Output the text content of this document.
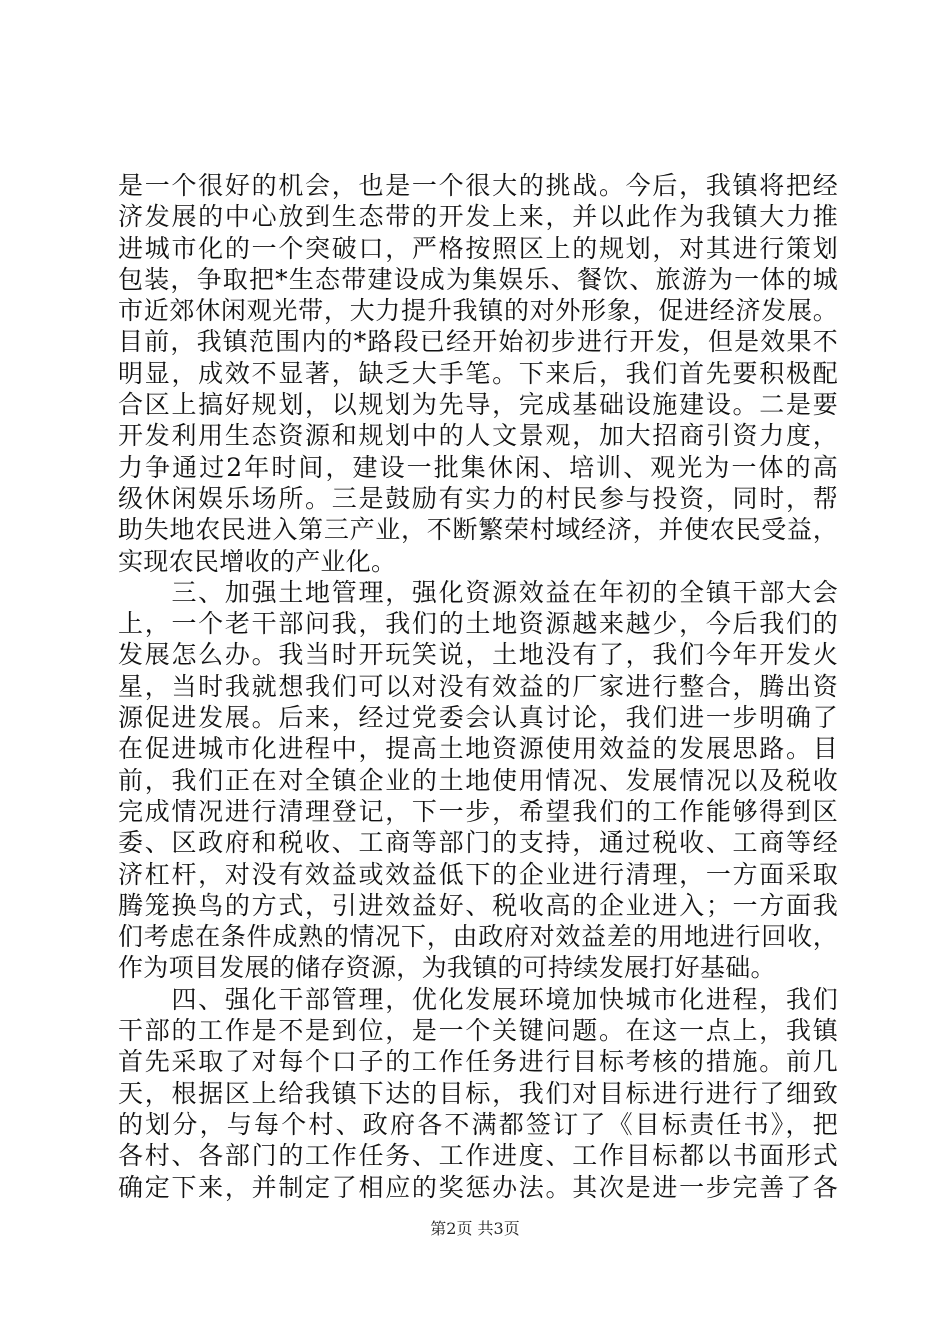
是一个很好的机会，也是一个很大的挑战。今后，我镇将把经
济发展的中心放到生态带的开发上来，并以此作为我镇大力推
进城市化的一个突破口，严格按照区上的规划，对其进行策划
包装，争取把*生态带建设成为集娱乐、餐饮、旅游为一体的城
市近郊休闲观光带，大力提升我镇的对外形象，促进经济发展。
目前，我镇范围内的*路段已经开始初步进行开发，但是效果不
明显，成效不显著，缺乏大手笔。下来后，我们首先要积极配
合区上搞好规划，以规划为先导，完成基础设施建设。二是要
开发利用生态资源和规划中的人文景观，加大招商引资力度，
力争通过2年时间，建设一批集休闲、培训、观光为一体的高
级休闲娱乐场所。三是鼓励有实力的村民参与投资，同时，帮
助失地农民进入第三产业，不断繁荣村域经济，并使农民受益，
实现农民增收的产业化。
　　三、加强土地管理，强化资源效益在年初的全镇干部大会
上，一个老干部问我，我们的土地资源越来越少，今后我们的
发展怎么办。我当时开玩笑说，土地没有了，我们今年开发火
星，当时我就想我们可以对没有效益的厂家进行整合，腾出资
源促进发展。后来，经过党委会认真讨论，我们进一步明确了
在促进城市化进程中，提高土地资源使用效益的发展思路。目
前，我们正在对全镇企业的土地使用情况、发展情况以及税收
完成情况进行清理登记，下一步，希望我们的工作能够得到区
委、区政府和税收、工商等部门的支持，通过税收、工商等经
济杠杆，对没有效益或效益低下的企业进行清理，一方面采取
腾笼换鸟的方式，引进效益好、税收高的企业进入；一方面我
们考虑在条件成熟的情况下，由政府对效益差的用地进行回收，
作为项目发展的储存资源，为我镇的可持续发展打好基础。
　　四、强化干部管理，优化发展环境加快城市化进程，我们
干部的工作是不是到位，是一个关键问题。在这一点上，我镇
首先采取了对每个口子的工作任务进行目标考核的措施。前几
天，根据区上给我镇下达的目标，我们对目标进行进行了细致
的划分，与每个村、政府各不满都签订了《目标责任书》，把
各村、各部门的工作任务、工作进度、工作目标都以书面形式
确定下来，并制定了相应的奖惩办法。其次是进一步完善了各
第2页 共3页
